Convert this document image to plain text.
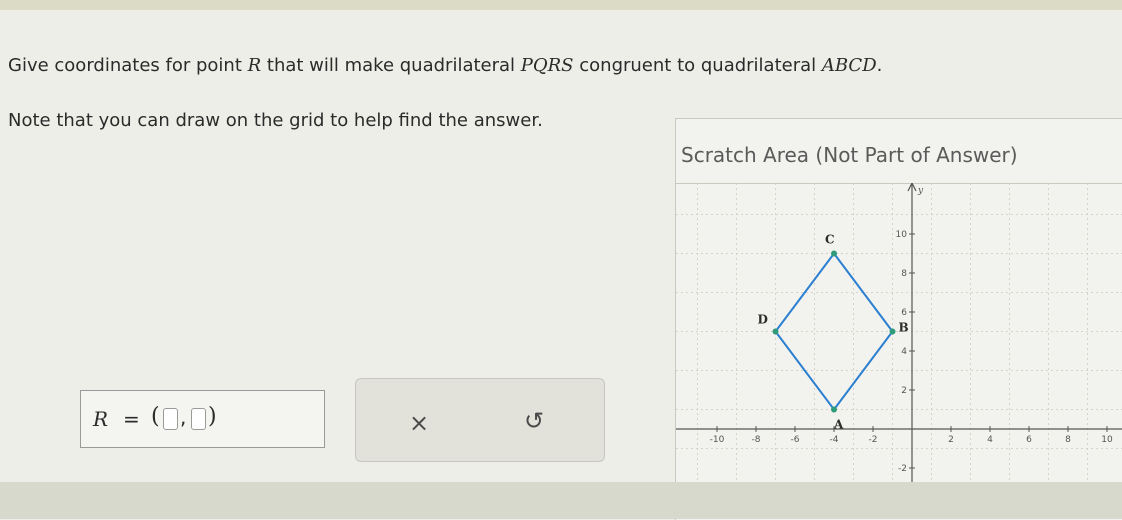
Give coordinates for point R that will make quadrilateral PQRS congruent to quadrilateral ABCD.
Note that you can draw on the grid to help find the answer.
R = ( , )	×	↺
Scratch Area (Not Part of Answer)
y
-10	-8	-6	-4	-2	2	4	6	8	10
10
8
6
4
2
-2
A
B
C
D
